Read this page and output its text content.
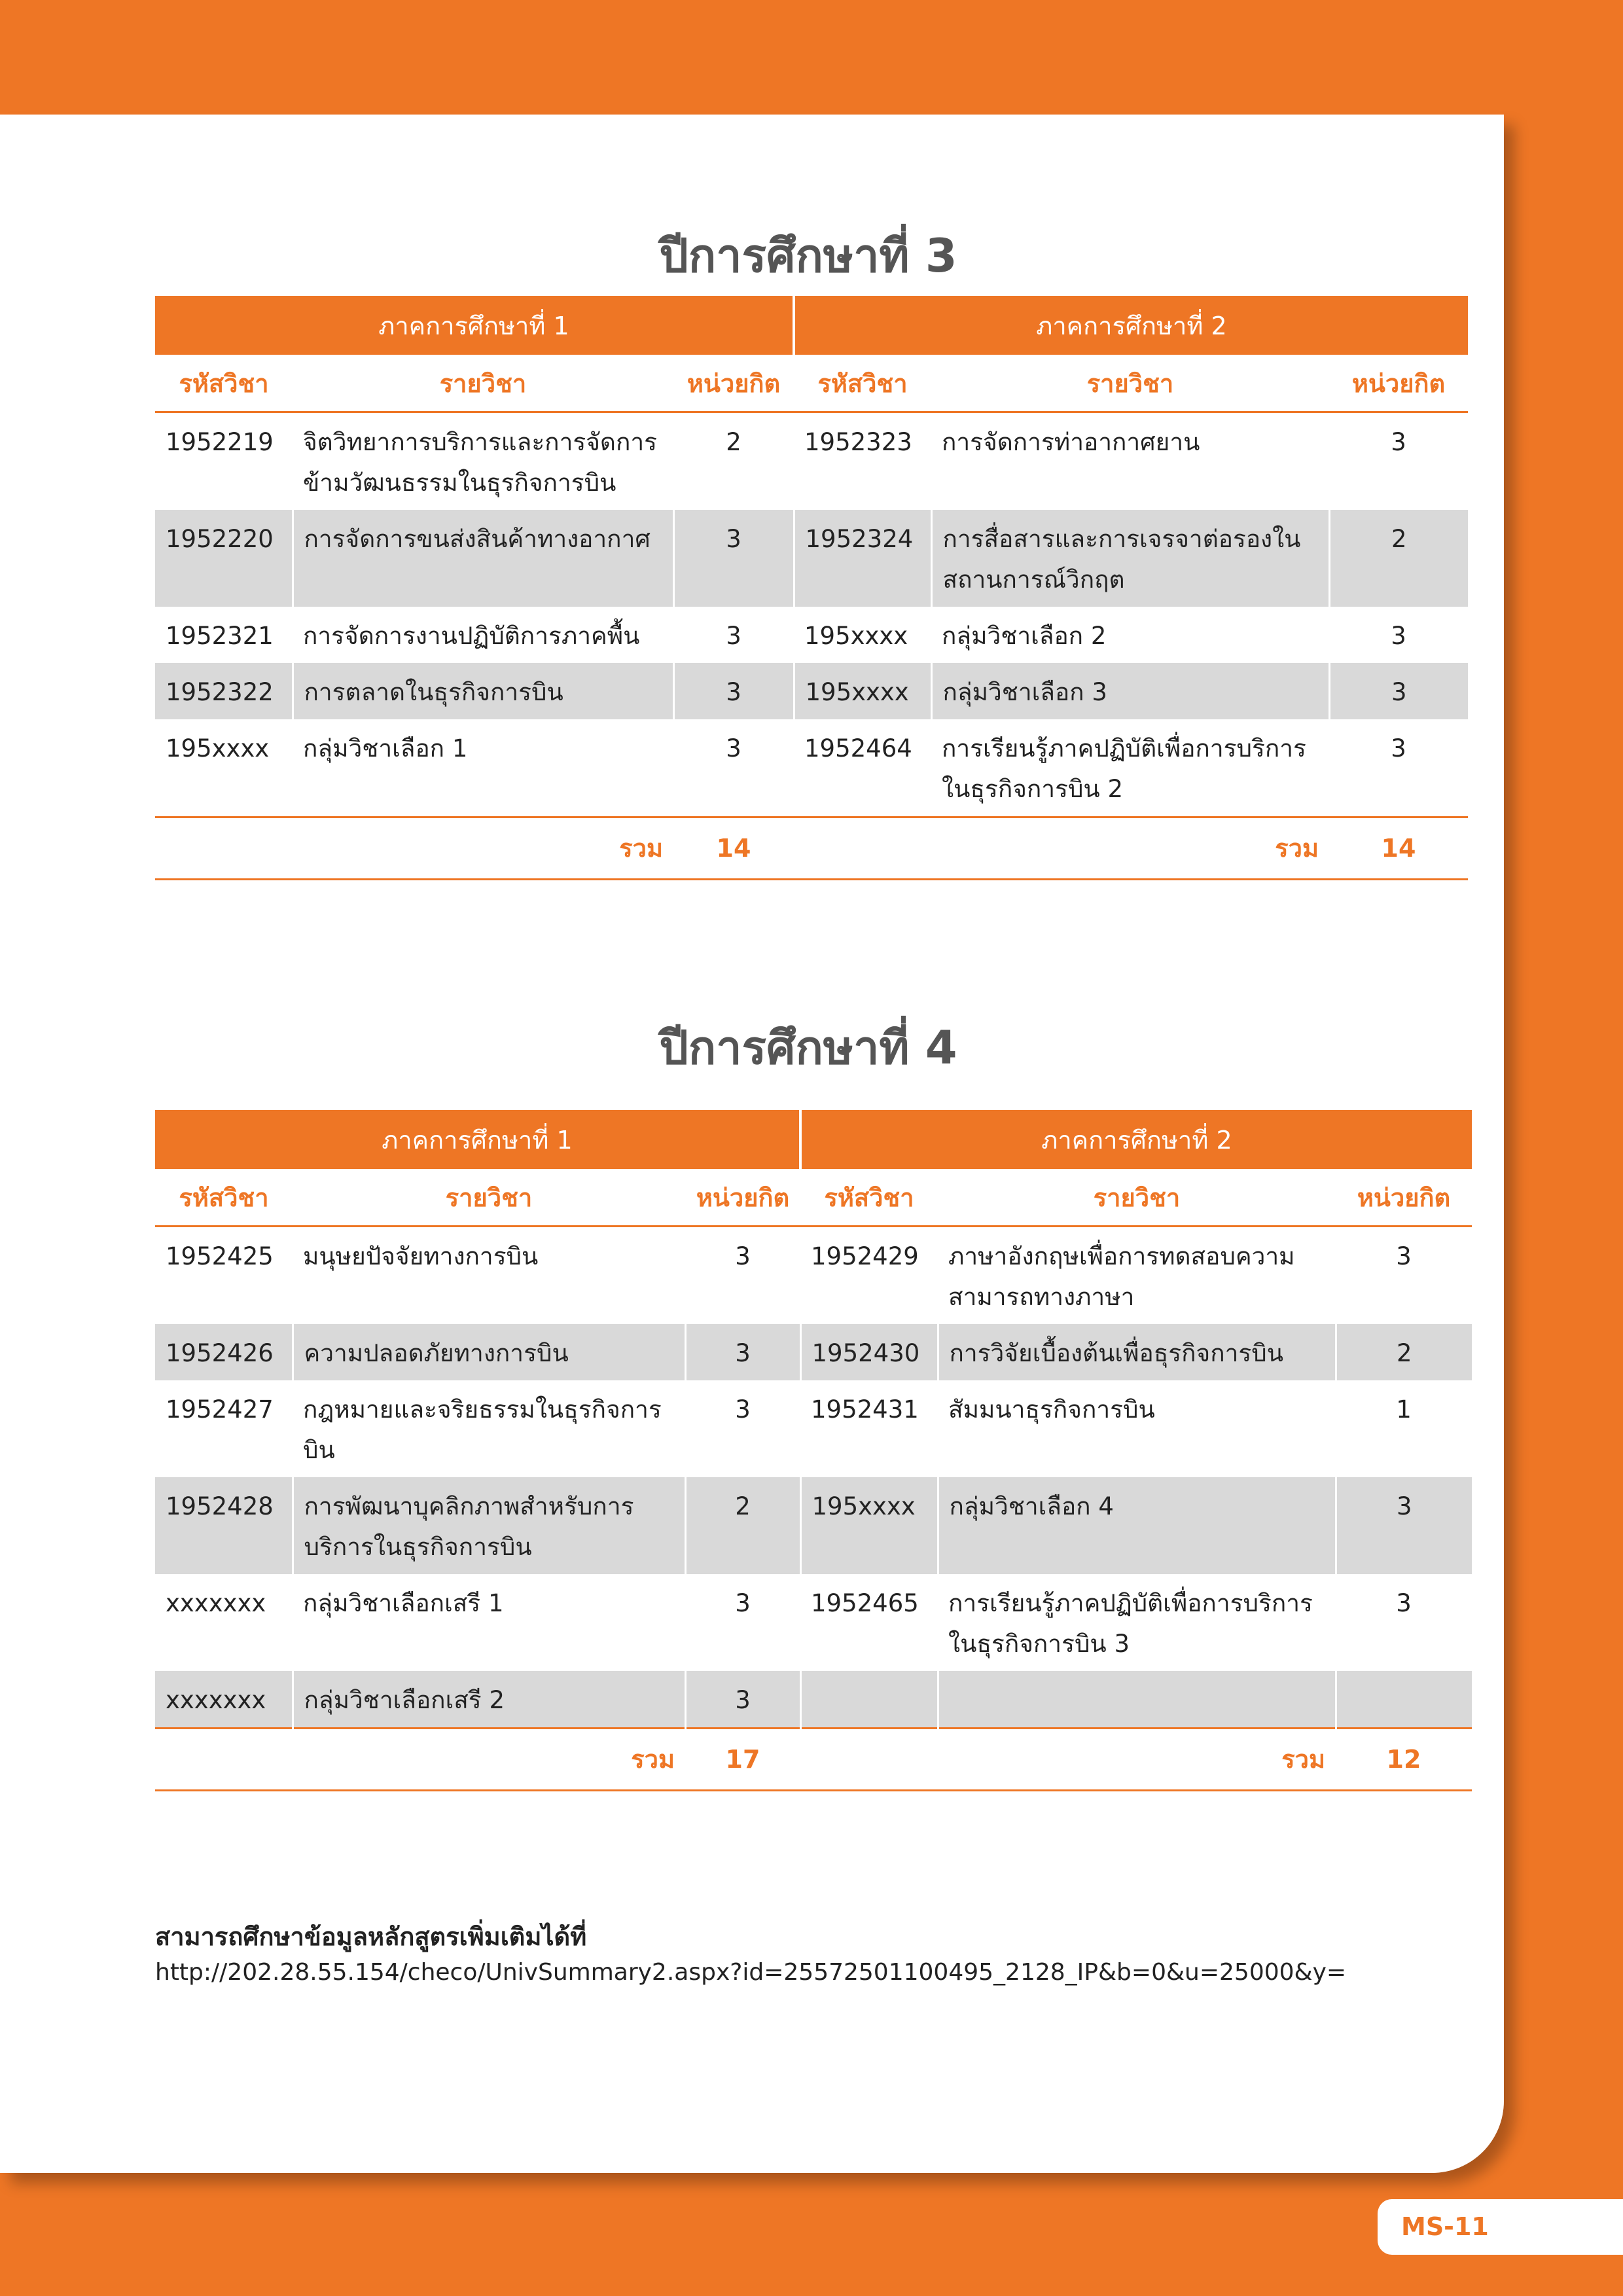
ปีการศึกษาที่ 3
ภาคการศึกษาที่ 1			ภาคการศึกษาที่ 2		
รหัสวิชา	รายวิชา	หน่วยกิต	รหัสวิชา	รายวิชา	หน่วยกิต
1952219	จิตวิทยาการบริการและการจัดการข้ามวัฒนธรรมในธุรกิจการบิน	2	1952323	การจัดการท่าอากาศยาน	3
1952220	การจัดการขนส่งสินค้าทางอากาศ	3	1952324	การสื่อสารและการเจรจาต่อรองในสถานการณ์วิกฤต	2
1952321	การจัดการงานปฏิบัติการภาคพื้น	3	195xxxx	กลุ่มวิชาเลือก 2	3
1952322	การตลาดในธุรกิจการบิน	3	195xxxx	กลุ่มวิชาเลือก 3	3
195xxxx	กลุ่มวิชาเลือก 1	3	1952464	การเรียนรู้ภาคปฏิบัติเพื่อการบริการในธุรกิจการบิน 2	3
	รวม	14		รวม	14
ปีการศึกษาที่ 4
ภาคการศึกษาที่ 1			ภาคการศึกษาที่ 2		
รหัสวิชา	รายวิชา	หน่วยกิต	รหัสวิชา	รายวิชา	หน่วยกิต
1952425	มนุษยปัจจัยทางการบิน	3	1952429	ภาษาอังกฤษเพื่อการทดสอบความสามารถทางภาษา	3
1952426	ความปลอดภัยทางการบิน	3	1952430	การวิจัยเบื้องต้นเพื่อธุรกิจการบิน	2
1952427	กฎหมายและจริยธรรมในธุรกิจการบิน	3	1952431	สัมมนาธุรกิจการบิน	1
1952428	การพัฒนาบุคลิกภาพสำหรับการบริการในธุรกิจการบิน	2	195xxxx	กลุ่มวิชาเลือก 4	3
xxxxxxx	กลุ่มวิชาเลือกเสรี 1	3	1952465	การเรียนรู้ภาคปฏิบัติเพื่อการบริการในธุรกิจการบิน 3	3
xxxxxxx	กลุ่มวิชาเลือกเสรี 2	3			
	รวม	17		รวม	12
สามารถศึกษาข้อมูลหลักสูตรเพิ่มเติมได้ที่
http://202.28.55.154/checo/UnivSummary2.aspx?id=25572501100495_2128_IP&b=0&u=25000&y=
MS-11
